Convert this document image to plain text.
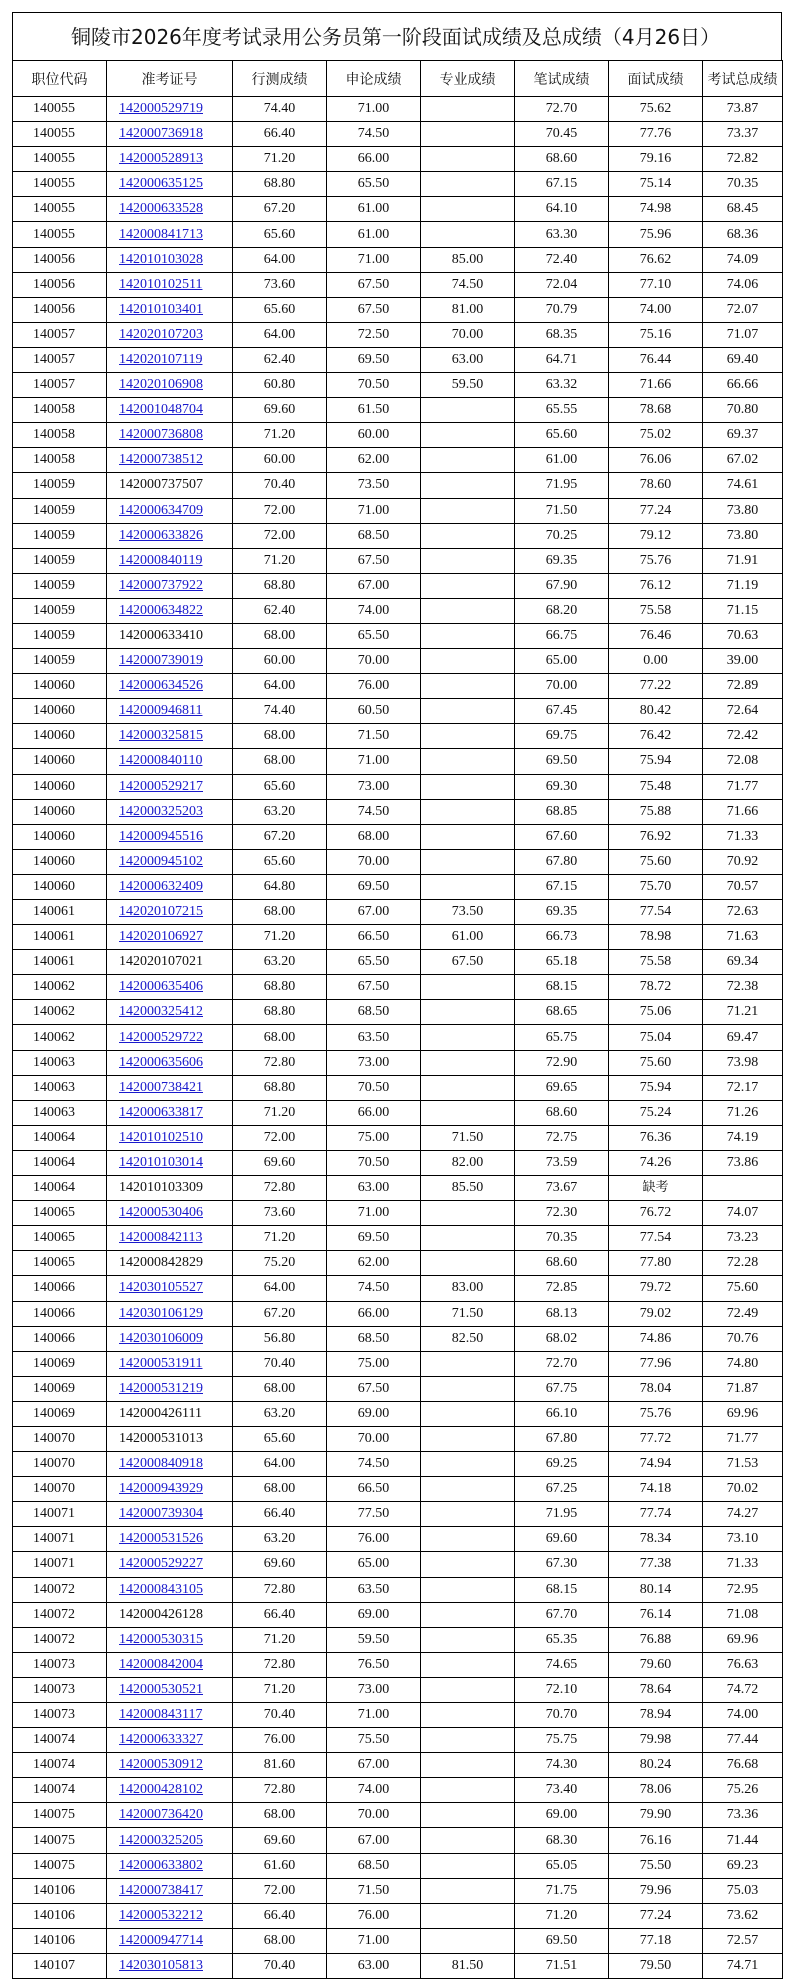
铜陵市2026年度考试录用公务员第一阶段面试成绩及总成绩（4月26日）
职位代码	准考证号	行测成绩	申论成绩	专业成绩	笔试成绩	面试成绩	考试总成绩
140055	142000529719	74.40	71.00		72.70	75.62	73.87
140055	142000736918	66.40	74.50		70.45	77.76	73.37
140055	142000528913	71.20	66.00		68.60	79.16	72.82
140055	142000635125	68.80	65.50		67.15	75.14	70.35
140055	142000633528	67.20	61.00		64.10	74.98	68.45
140055	142000841713	65.60	61.00		63.30	75.96	68.36
140056	142010103028	64.00	71.00	85.00	72.40	76.62	74.09
140056	142010102511	73.60	67.50	74.50	72.04	77.10	74.06
140056	142010103401	65.60	67.50	81.00	70.79	74.00	72.07
140057	142020107203	64.00	72.50	70.00	68.35	75.16	71.07
140057	142020107119	62.40	69.50	63.00	64.71	76.44	69.40
140057	142020106908	60.80	70.50	59.50	63.32	71.66	66.66
140058	142001048704	69.60	61.50		65.55	78.68	70.80
140058	142000736808	71.20	60.00		65.60	75.02	69.37
140058	142000738512	60.00	62.00		61.00	76.06	67.02
140059	142000737507	70.40	73.50		71.95	78.60	74.61
140059	142000634709	72.00	71.00		71.50	77.24	73.80
140059	142000633826	72.00	68.50		70.25	79.12	73.80
140059	142000840119	71.20	67.50		69.35	75.76	71.91
140059	142000737922	68.80	67.00		67.90	76.12	71.19
140059	142000634822	62.40	74.00		68.20	75.58	71.15
140059	142000633410	68.00	65.50		66.75	76.46	70.63
140059	142000739019	60.00	70.00		65.00	0.00	39.00
140060	142000634526	64.00	76.00		70.00	77.22	72.89
140060	142000946811	74.40	60.50		67.45	80.42	72.64
140060	142000325815	68.00	71.50		69.75	76.42	72.42
140060	142000840110	68.00	71.00		69.50	75.94	72.08
140060	142000529217	65.60	73.00		69.30	75.48	71.77
140060	142000325203	63.20	74.50		68.85	75.88	71.66
140060	142000945516	67.20	68.00		67.60	76.92	71.33
140060	142000945102	65.60	70.00		67.80	75.60	70.92
140060	142000632409	64.80	69.50		67.15	75.70	70.57
140061	142020107215	68.00	67.00	73.50	69.35	77.54	72.63
140061	142020106927	71.20	66.50	61.00	66.73	78.98	71.63
140061	142020107021	63.20	65.50	67.50	65.18	75.58	69.34
140062	142000635406	68.80	67.50		68.15	78.72	72.38
140062	142000325412	68.80	68.50		68.65	75.06	71.21
140062	142000529722	68.00	63.50		65.75	75.04	69.47
140063	142000635606	72.80	73.00		72.90	75.60	73.98
140063	142000738421	68.80	70.50		69.65	75.94	72.17
140063	142000633817	71.20	66.00		68.60	75.24	71.26
140064	142010102510	72.00	75.00	71.50	72.75	76.36	74.19
140064	142010103014	69.60	70.50	82.00	73.59	74.26	73.86
140064	142010103309	72.80	63.00	85.50	73.67	缺考	
140065	142000530406	73.60	71.00		72.30	76.72	74.07
140065	142000842113	71.20	69.50		70.35	77.54	73.23
140065	142000842829	75.20	62.00		68.60	77.80	72.28
140066	142030105527	64.00	74.50	83.00	72.85	79.72	75.60
140066	142030106129	67.20	66.00	71.50	68.13	79.02	72.49
140066	142030106009	56.80	68.50	82.50	68.02	74.86	70.76
140069	142000531911	70.40	75.00		72.70	77.96	74.80
140069	142000531219	68.00	67.50		67.75	78.04	71.87
140069	142000426111	63.20	69.00		66.10	75.76	69.96
140070	142000531013	65.60	70.00		67.80	77.72	71.77
140070	142000840918	64.00	74.50		69.25	74.94	71.53
140070	142000943929	68.00	66.50		67.25	74.18	70.02
140071	142000739304	66.40	77.50		71.95	77.74	74.27
140071	142000531526	63.20	76.00		69.60	78.34	73.10
140071	142000529227	69.60	65.00		67.30	77.38	71.33
140072	142000843105	72.80	63.50		68.15	80.14	72.95
140072	142000426128	66.40	69.00		67.70	76.14	71.08
140072	142000530315	71.20	59.50		65.35	76.88	69.96
140073	142000842004	72.80	76.50		74.65	79.60	76.63
140073	142000530521	71.20	73.00		72.10	78.64	74.72
140073	142000843117	70.40	71.00		70.70	78.94	74.00
140074	142000633327	76.00	75.50		75.75	79.98	77.44
140074	142000530912	81.60	67.00		74.30	80.24	76.68
140074	142000428102	72.80	74.00		73.40	78.06	75.26
140075	142000736420	68.00	70.00		69.00	79.90	73.36
140075	142000325205	69.60	67.00		68.30	76.16	71.44
140075	142000633802	61.60	68.50		65.05	75.50	69.23
140106	142000738417	72.00	71.50		71.75	79.96	75.03
140106	142000532212	66.40	76.00		71.20	77.24	73.62
140106	142000947714	68.00	71.00		69.50	77.18	72.57
140107	142030105813	70.40	63.00	81.50	71.51	79.50	74.71
